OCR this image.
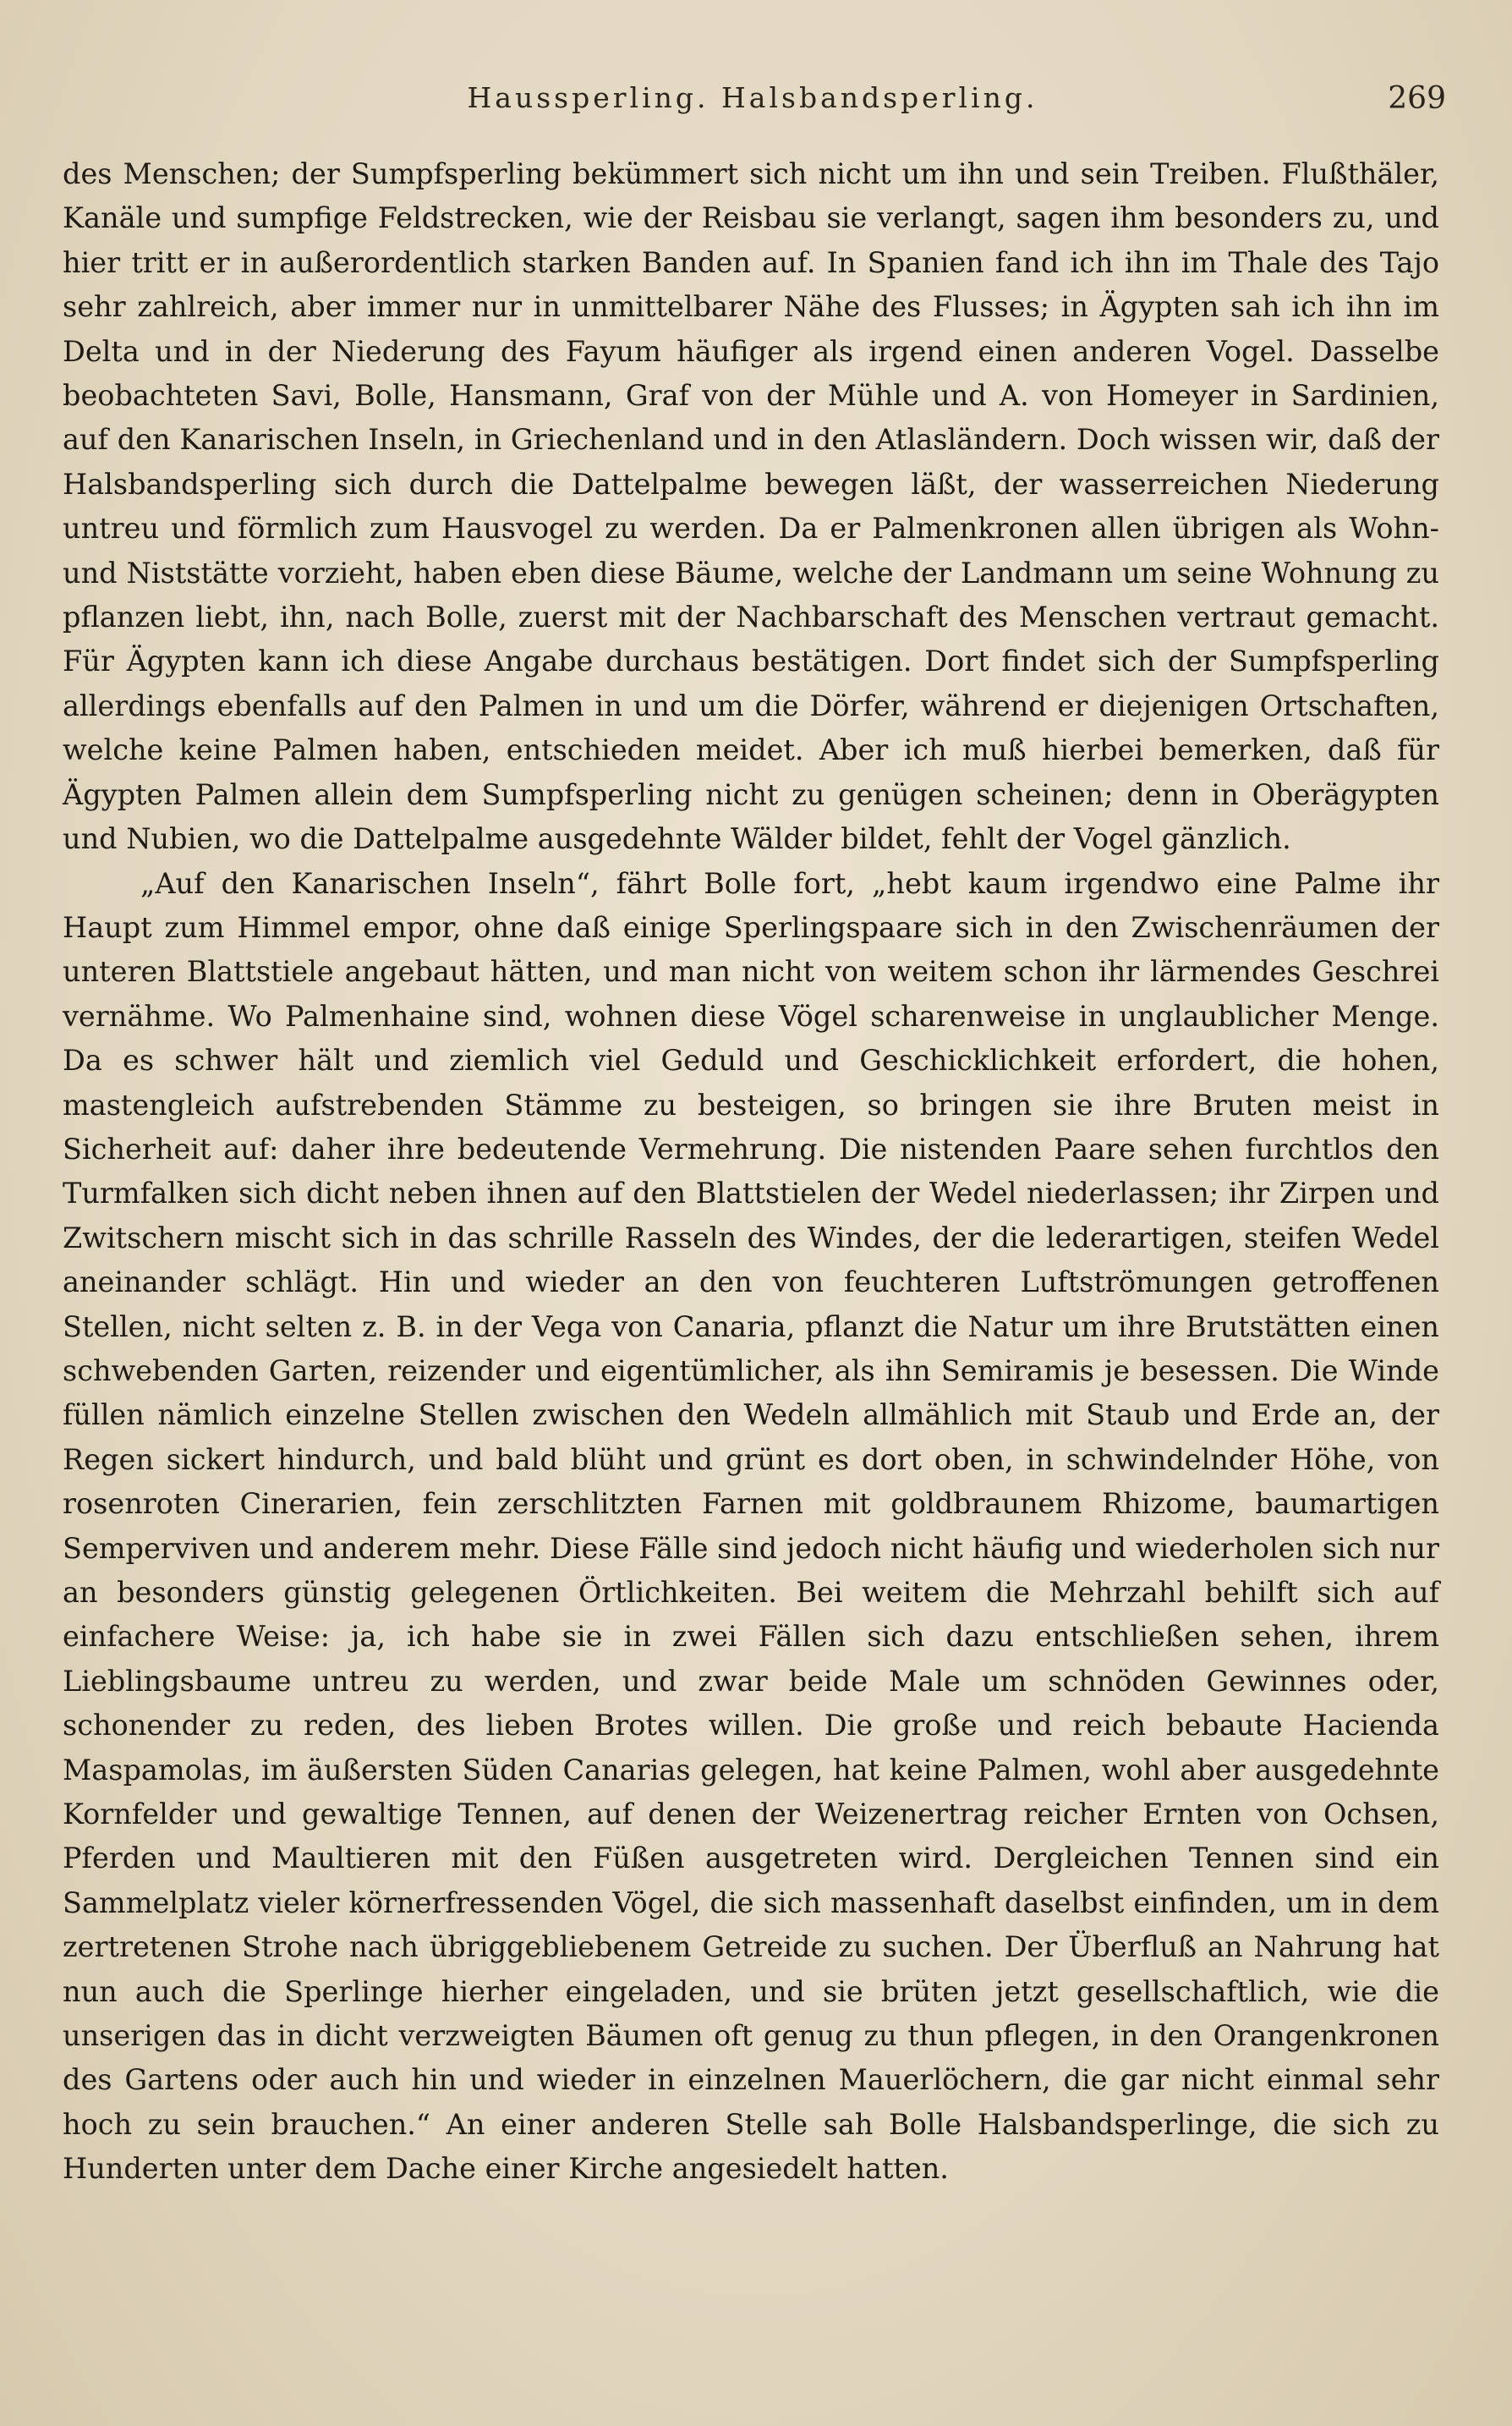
Haussperling. Halsbandsperling.	269

des Menschen; der Sumpfsperling bekümmert sich nicht um ihn und sein Treiben. Flußthäler, Kanäle und sumpfige Feldstrecken, wie der Reisbau sie verlangt, sagen ihm besonders zu, und hier tritt er in außerordentlich starken Banden auf. In Spanien fand ich ihn im Thale des Tajo sehr zahlreich, aber immer nur in unmittelbarer Nähe des Flusses; in Ägypten sah ich ihn im Delta und in der Niederung des Fayum häufiger als irgend einen anderen Vogel. Dasselbe beobachteten Savi, Bolle, Hansmann, Graf von der Mühle und A. von Homeyer in Sardinien, auf den Kanarischen Inseln, in Griechenland und in den Atlasländern. Doch wissen wir, daß der Halsbandsperling sich durch die Dattelpalme bewegen läßt, der wasserreichen Niederung untreu und förmlich zum Hausvogel zu werden. Da er Palmenkronen allen übrigen als Wohn- und Niststätte vorzieht, haben eben diese Bäume, welche der Landmann um seine Wohnung zu pflanzen liebt, ihn, nach Bolle, zuerst mit der Nachbarschaft des Menschen vertraut gemacht. Für Ägypten kann ich diese Angabe durchaus bestätigen. Dort findet sich der Sumpfsperling allerdings ebenfalls auf den Palmen in und um die Dörfer, während er diejenigen Ortschaften, welche keine Palmen haben, entschieden meidet. Aber ich muß hierbei bemerken, daß für Ägypten Palmen allein dem Sumpfsperling nicht zu genügen scheinen; denn in Oberägypten und Nubien, wo die Dattelpalme ausgedehnte Wälder bildet, fehlt der Vogel gänzlich.

„Auf den Kanarischen Inseln“, fährt Bolle fort, „hebt kaum irgendwo eine Palme ihr Haupt zum Himmel empor, ohne daß einige Sperlingspaare sich in den Zwischenräumen der unteren Blattstiele angebaut hätten, und man nicht von weitem schon ihr lärmendes Geschrei vernähme. Wo Palmenhaine sind, wohnen diese Vögel scharenweise in unglaublicher Menge. Da es schwer hält und ziemlich viel Geduld und Geschicklichkeit erfordert, die hohen, mastengleich aufstrebenden Stämme zu besteigen, so bringen sie ihre Bruten meist in Sicherheit auf: daher ihre bedeutende Vermehrung. Die nistenden Paare sehen furchtlos den Turmfalken sich dicht neben ihnen auf den Blattstielen der Wedel niederlassen; ihr Zirpen und Zwitschern mischt sich in das schrille Rasseln des Windes, der die lederartigen, steifen Wedel aneinander schlägt. Hin und wieder an den von feuchteren Luftströmungen getroffenen Stellen, nicht selten z. B. in der Vega von Canaria, pflanzt die Natur um ihre Brutstätten einen schwebenden Garten, reizender und eigentümlicher, als ihn Semiramis je besessen. Die Winde füllen nämlich einzelne Stellen zwischen den Wedeln allmählich mit Staub und Erde an, der Regen sickert hindurch, und bald blüht und grünt es dort oben, in schwindelnder Höhe, von rosenroten Cinerarien, fein zerschlitzten Farnen mit goldbraunem Rhizome, baumartigen Semperviven und anderem mehr. Diese Fälle sind jedoch nicht häufig und wiederholen sich nur an besonders günstig gelegenen Örtlichkeiten. Bei weitem die Mehrzahl behilft sich auf einfachere Weise: ja, ich habe sie in zwei Fällen sich dazu entschließen sehen, ihrem Lieblingsbaume untreu zu werden, und zwar beide Male um schnöden Gewinnes oder, schonender zu reden, des lieben Brotes willen. Die große und reich bebaute Hacienda Maspamolas, im äußersten Süden Canarias gelegen, hat keine Palmen, wohl aber ausgedehnte Kornfelder und gewaltige Tennen, auf denen der Weizenertrag reicher Ernten von Ochsen, Pferden und Maultieren mit den Füßen ausgetreten wird. Dergleichen Tennen sind ein Sammelplatz vieler körnerfressenden Vögel, die sich massenhaft daselbst einfinden, um in dem zertretenen Strohe nach übriggebliebenem Getreide zu suchen. Der Überfluß an Nahrung hat nun auch die Sperlinge hierher eingeladen, und sie brüten jetzt gesellschaftlich, wie die unserigen das in dicht verzweigten Bäumen oft genug zu thun pflegen, in den Orangenkronen des Gartens oder auch hin und wieder in einzelnen Mauerlöchern, die gar nicht einmal sehr hoch zu sein brauchen.“ An einer anderen Stelle sah Bolle Halsbandsperlinge, die sich zu Hunderten unter dem Dache einer Kirche angesiedelt hatten.
